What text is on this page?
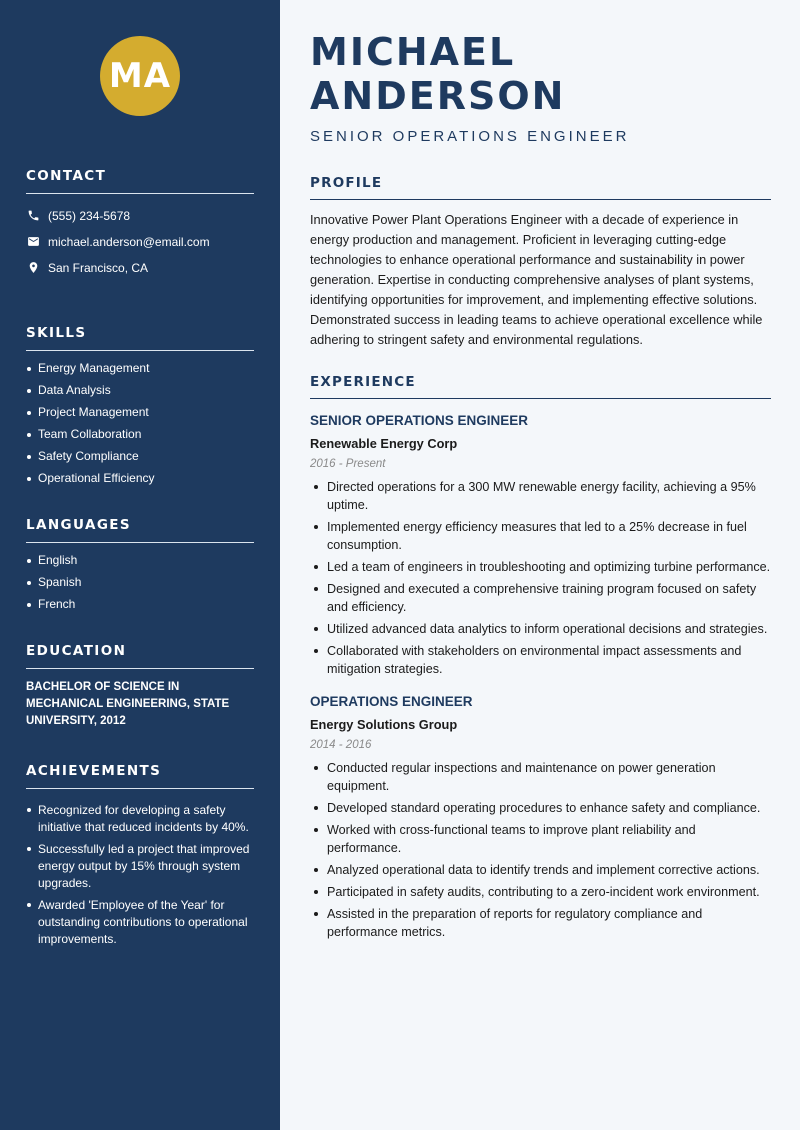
MA
CONTACT
(555) 234-5678
michael.anderson@email.com
San Francisco, CA
SKILLS
Energy Management
Data Analysis
Project Management
Team Collaboration
Safety Compliance
Operational Efficiency
LANGUAGES
English
Spanish
French
EDUCATION

BACHELOR OF SCIENCE IN MECHANICAL ENGINEERING, STATE UNIVERSITY, 2012

ACHIEVEMENTS
Recognized for developing a safety initiative that reduced incidents by 40%.
Successfully led a project that improved energy output by 15% through system upgrades.
Awarded 'Employee of the Year' for outstanding contributions to operational improvements.
MICHAEL ANDERSON
SENIOR OPERATIONS ENGINEER
PROFILE

Innovative Power Plant Operations Engineer with a decade of experience in energy production and management. Proficient in leveraging cutting-edge technologies to enhance operational performance and sustainability in power generation. Expertise in conducting comprehensive analyses of plant systems, identifying opportunities for improvement, and implementing effective solutions. Demonstrated success in leading teams to achieve operational excellence while adhering to stringent safety and environmental regulations.

EXPERIENCE
SENIOR OPERATIONS ENGINEER
Renewable Energy Corp
2016 - Present
Directed operations for a 300 MW renewable energy facility, achieving a 95% uptime.
Implemented energy efficiency measures that led to a 25% decrease in fuel consumption.
Led a team of engineers in troubleshooting and optimizing turbine performance.
Designed and executed a comprehensive training program focused on safety and efficiency.
Utilized advanced data analytics to inform operational decisions and strategies.
Collaborated with stakeholders on environmental impact assessments and mitigation strategies.
OPERATIONS ENGINEER
Energy Solutions Group
2014 - 2016
Conducted regular inspections and maintenance on power generation equipment.
Developed standard operating procedures to enhance safety and compliance.
Worked with cross-functional teams to improve plant reliability and performance.
Analyzed operational data to identify trends and implement corrective actions.
Participated in safety audits, contributing to a zero-incident work environment.
Assisted in the preparation of reports for regulatory compliance and performance metrics.
